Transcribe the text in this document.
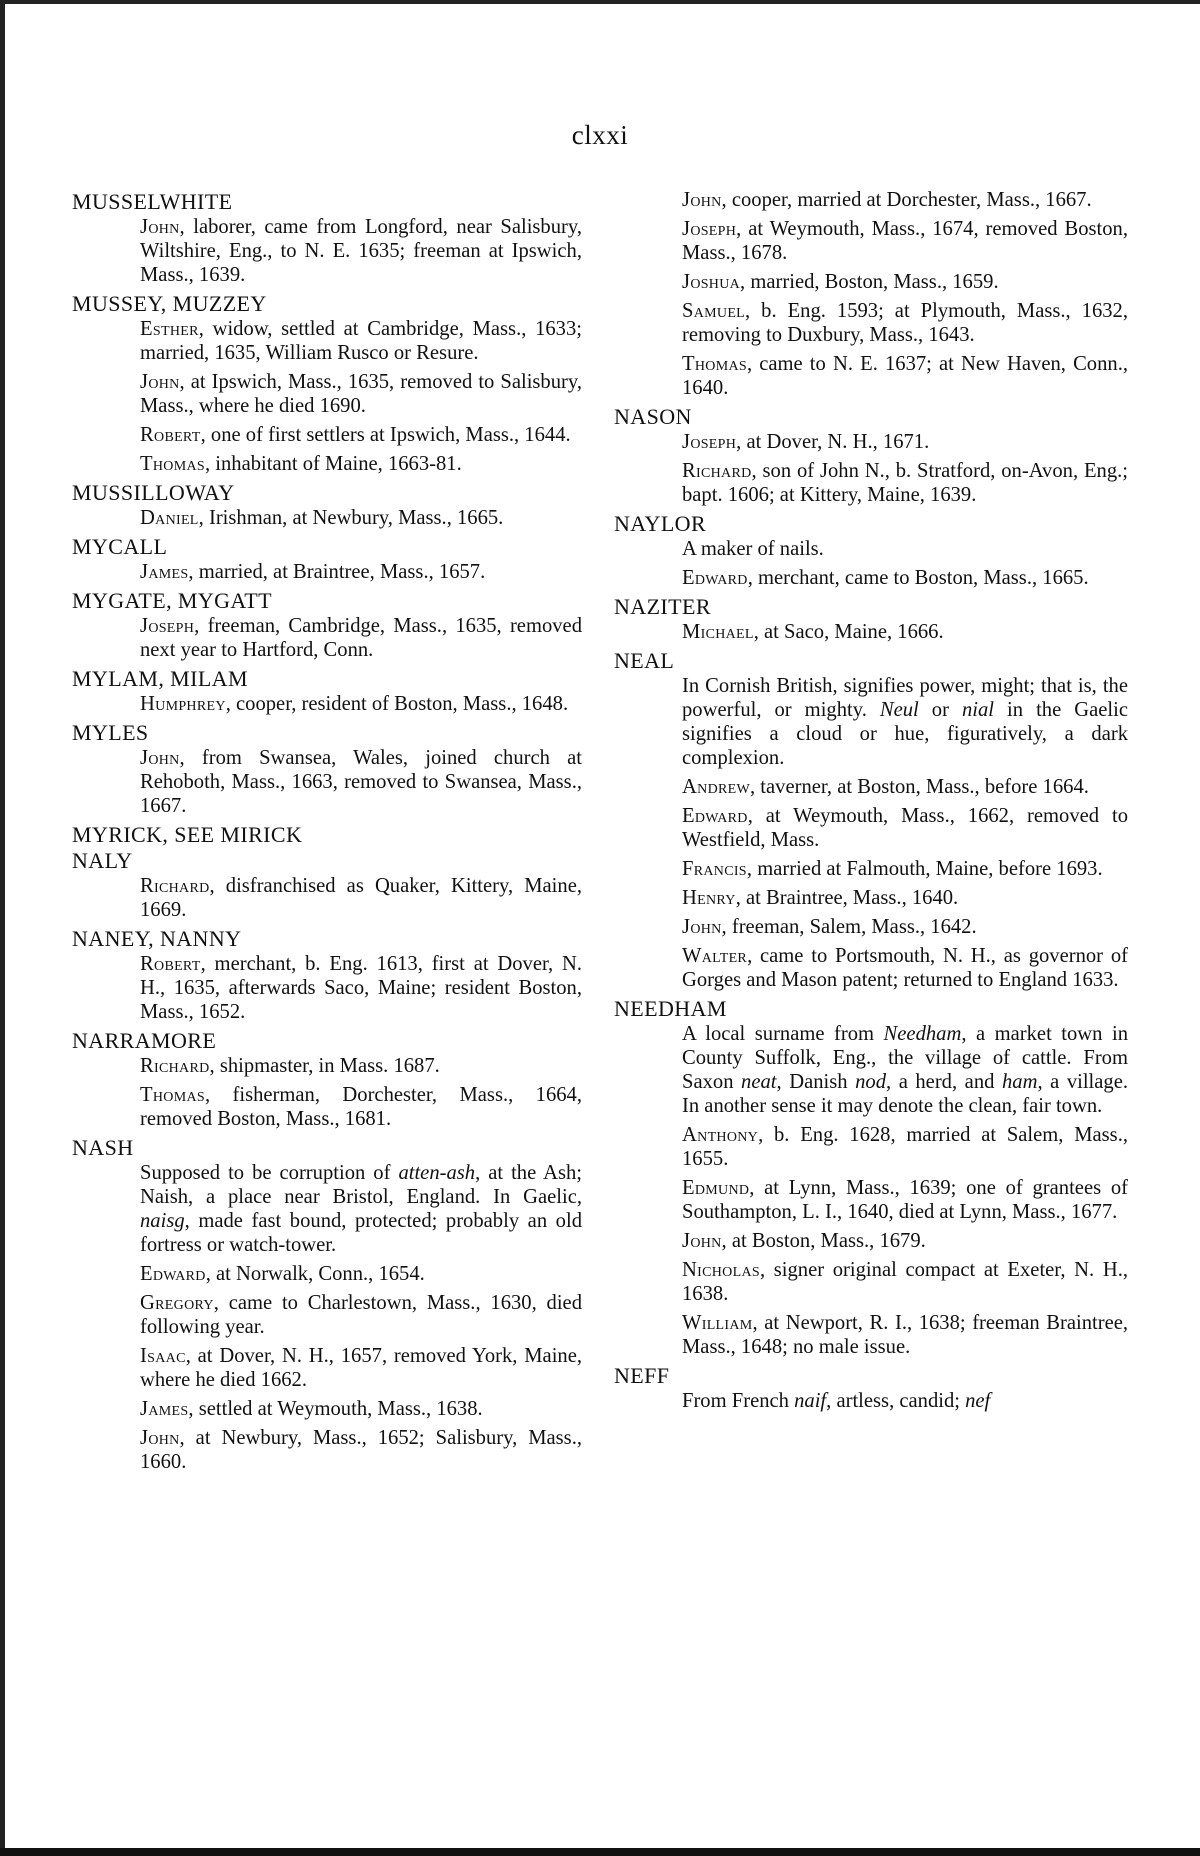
clxxi
MUSSELWHITE
John, laborer, came from Longford, near Salisbury, Wiltshire, Eng., to N. E. 1635; freeman at Ipswich, Mass., 1639.
MUSSEY, MUZZEY
Esther, widow, settled at Cambridge, Mass., 1633; married, 1635, William Rusco or Resure.
John, at Ipswich, Mass., 1635, removed to Salisbury, Mass., where he died 1690.
Robert, one of first settlers at Ipswich, Mass., 1644.
Thomas, inhabitant of Maine, 1663-81.
MUSSILLOWAY
Daniel, Irishman, at Newbury, Mass., 1665.
MYCALL
James, married, at Braintree, Mass., 1657.
MYGATE, MYGATT
Joseph, freeman, Cambridge, Mass., 1635, removed next year to Hartford, Conn.
MYLAM, MILAM
Humphrey, cooper, resident of Boston, Mass., 1648.
MYLES
John, from Swansea, Wales, joined church at Rehoboth, Mass., 1663, removed to Swansea, Mass., 1667.
MYRICK, SEE MIRICK
NALY
Richard, disfranchised as Quaker, Kittery, Maine, 1669.
NANEY, NANNY
Robert, merchant, b. Eng. 1613, first at Dover, N. H., 1635, afterwards Saco, Maine; resident Boston, Mass., 1652.
NARRAMORE
Richard, shipmaster, in Mass. 1687.
Thomas, fisherman, Dorchester, Mass., 1664, removed Boston, Mass., 1681.
NASH
Supposed to be corruption of atten-ash, at the Ash; Naish, a place near Bristol, England. In Gaelic, naisg, made fast bound, protected; probably an old fortress or watch-tower.
Edward, at Norwalk, Conn., 1654.
Gregory, came to Charlestown, Mass., 1630, died following year.
Isaac, at Dover, N. H., 1657, removed York, Maine, where he died 1662.
James, settled at Weymouth, Mass., 1638.
John, at Newbury, Mass., 1652; Salisbury, Mass., 1660.
John, cooper, married at Dorchester, Mass., 1667.
Joseph, at Weymouth, Mass., 1674, removed Boston, Mass., 1678.
Joshua, married, Boston, Mass., 1659.
Samuel, b. Eng. 1593; at Plymouth, Mass., 1632, removing to Duxbury, Mass., 1643.
Thomas, came to N. E. 1637; at New Haven, Conn., 1640.
NASON
Joseph, at Dover, N. H., 1671.
Richard, son of John N., b. Stratford, on-Avon, Eng.; bapt. 1606; at Kittery, Maine, 1639.
NAYLOR
A maker of nails.
Edward, merchant, came to Boston, Mass., 1665.
NAZITER
Michael, at Saco, Maine, 1666.
NEAL
In Cornish British, signifies power, might; that is, the powerful, or mighty. Neul or nial in the Gaelic signifies a cloud or hue, figuratively, a dark complexion.
Andrew, taverner, at Boston, Mass., before 1664.
Edward, at Weymouth, Mass., 1662, removed to Westfield, Mass.
Francis, married at Falmouth, Maine, before 1693.
Henry, at Braintree, Mass., 1640.
John, freeman, Salem, Mass., 1642.
Walter, came to Portsmouth, N. H., as governor of Gorges and Mason patent; returned to England 1633.
NEEDHAM
A local surname from Needham, a market town in County Suffolk, Eng., the village of cattle. From Saxon neat, Danish nod, a herd, and ham, a village. In another sense it may denote the clean, fair town.
Anthony, b. Eng. 1628, married at Salem, Mass., 1655.
Edmund, at Lynn, Mass., 1639; one of grantees of Southampton, L. I., 1640, died at Lynn, Mass., 1677.
John, at Boston, Mass., 1679.
Nicholas, signer original compact at Exeter, N. H., 1638.
William, at Newport, R. I., 1638; freeman Braintree, Mass., 1648; no male issue.
NEFF
From French naif, artless, candid; nef
